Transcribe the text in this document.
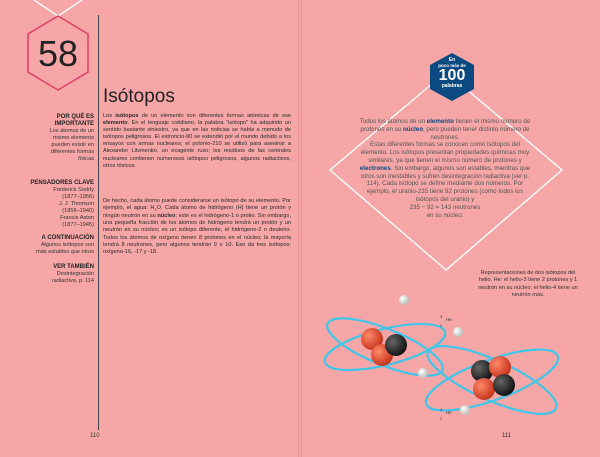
58
POR QUÉ ES IMPORTANTE
Los átomos de un
mismo elemento
pueden existir en
diferentes formas
físicas
PENSADORES CLAVE
Frederick Soddy
(1877–1956)
J. J. Thomson
(1856–1940)
Francis Aston
(1877–1945)
A CONTINUACIÓN
Algunos isótopos son
más estables que otros
VER TAMBIÉN
Desintegración
radiactiva, p. 114
Isótopos
Los isótopos de un elemento son diferentes formas atómicas de ese elemento. En el lenguaje cotidiano, la palabra "isótopo" ha adquirido un sentido bastante siniestro, ya que en las noticias se habla a menudo de isótopos peligrosos. El estroncio-90 se extendió por el mundo debido a los ensayos con armas nucleares; el polonio-210 se utilizó para asesinar a Alexander Litvinenko, un exagente ruso; los residuos de las centrales nucleares contienen numerosos isótopos peligrosos, algunos radiactivos, otros tóxicos.
De hecho, cada átomo puede considerarse un isótopo de su elemento. Por ejemplo, el agua: $H_2O$. Cada átomo de hidrógeno (H) tiene un protón y ningún neutrón en su núcleo; este es el hidrógeno-1 o protio. Sin embargo, una pequeña fracción de los átomos de hidrógeno tendrá un protón y un neutrón en su núcleo; es un isótopo diferente, el hidrógeno-2 o deuterio. Todos los átomos de oxígeno tienen 8 protones en el núcleo; la mayoría tendrá 8 neutrones, pero algunos tendrán 9 o 10. Eso da tres isótopos: oxígeno-16, -17 y -18.
En
poco más de
100
palabras
Todos los átomos de un elemento tienen el mismo número de protones en su núcleo, pero pueden tener distinto número de neutrones.
Estas diferentes formas se conocen como isótopos del elemento. Los isótopos presentan propiedades químicas muy similares, ya que tienen el mismo número de protones y electrones. Sin embargo, algunos son estables, mientras que otros son inestables y sufren desintegración radiactiva (ver p. 114). Cada isótopo se define mediante dos números. Por ejemplo, el uranio-235 tiene 92 protones (como todos los isótopos del uranio) y
235 − 92 = 143 neutrones
en su núcleo.
Representaciones de dos isótopos del helio. He: el helio-3 tiene 2 protones y 1 neutrón en su núcleo; el helio-4 tiene un neutrón más.
$^3$
$_2$
He
$^4$
$_2$
He
110	111
